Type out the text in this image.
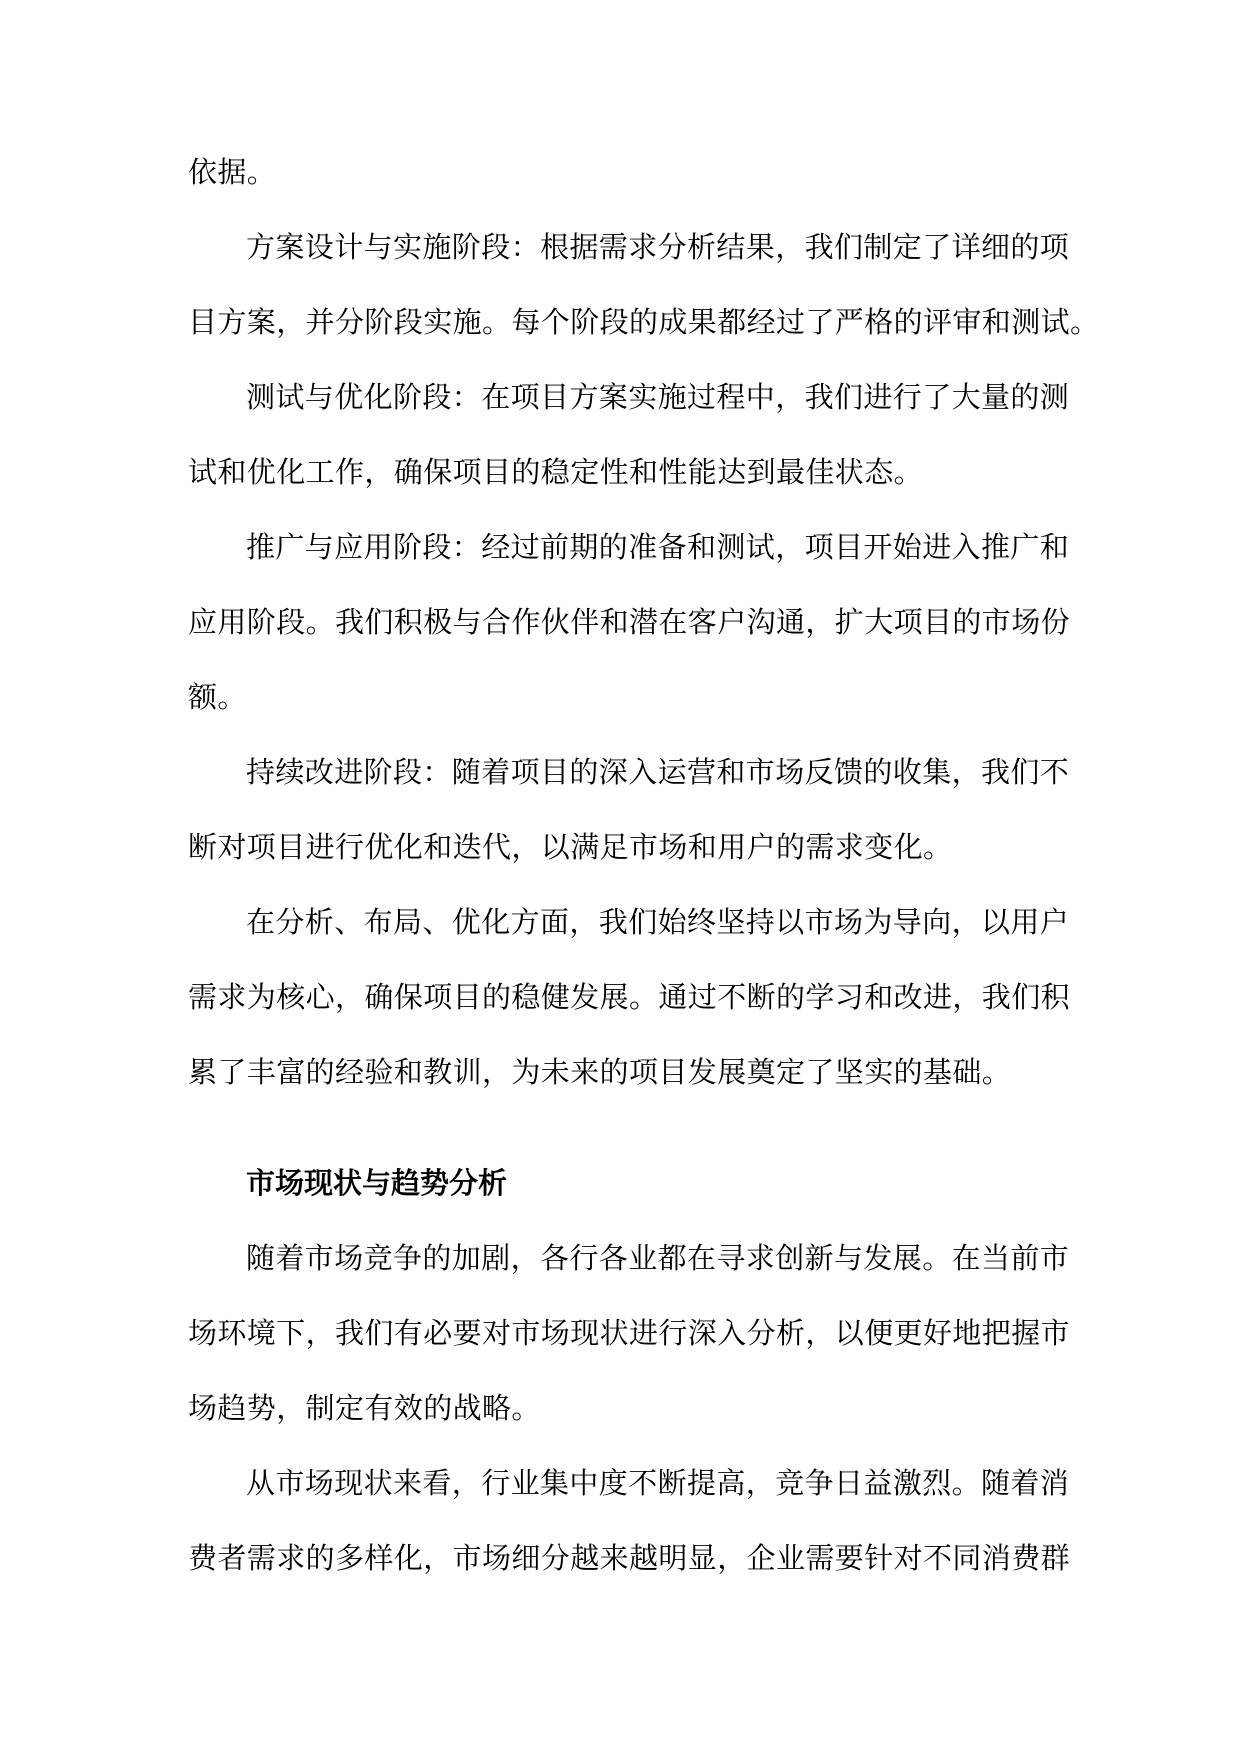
依据。
方案设计与实施阶段：根据需求分析结果，我们制定了详细的项
目方案，并分阶段实施。每个阶段的成果都经过了严格的评审和测试。
测试与优化阶段：在项目方案实施过程中，我们进行了大量的测
试和优化工作，确保项目的稳定性和性能达到最佳状态。
推广与应用阶段：经过前期的准备和测试，项目开始进入推广和
应用阶段。我们积极与合作伙伴和潜在客户沟通，扩大项目的市场份
额。
持续改进阶段：随着项目的深入运营和市场反馈的收集，我们不
断对项目进行优化和迭代，以满足市场和用户的需求变化。
在分析、布局、优化方面，我们始终坚持以市场为导向，以用户
需求为核心，确保项目的稳健发展。通过不断的学习和改进，我们积
累了丰富的经验和教训，为未来的项目发展奠定了坚实的基础。
市场现状与趋势分析
随着市场竞争的加剧，各行各业都在寻求创新与发展。在当前市
场环境下，我们有必要对市场现状进行深入分析，以便更好地把握市
场趋势，制定有效的战略。
从市场现状来看，行业集中度不断提高，竞争日益激烈。随着消
费者需求的多样化，市场细分越来越明显，企业需要针对不同消费群
